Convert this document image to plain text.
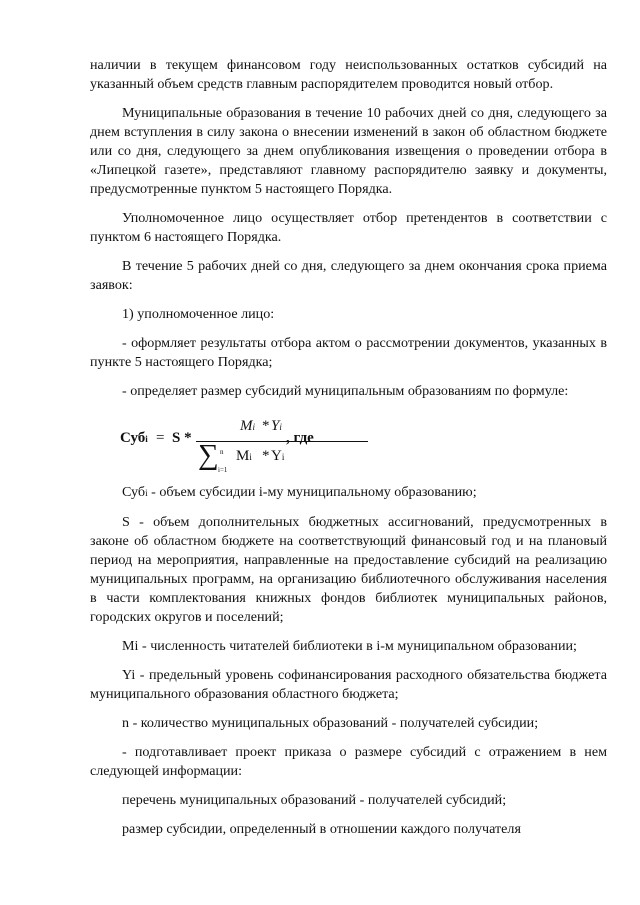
наличии в текущем финансовом году неиспользованных остатков субсидий на указанный объем средств главным распорядителем проводится новый отбор.

Муниципальные образования в течение 10 рабочих дней со дня, следующего за днем вступления в силу закона о внесении изменений в закон об областном бюджете или со дня, следующего за днем опубликования извещения о проведении отбора в «Липецкой газете», представляют главному распорядителю заявку и документы, предусмотренные пунктом 5 настоящего Порядка.

Уполномоченное лицо осуществляет отбор претендентов в соответствии с пунктом 6 настоящего Порядка.

В течение 5 рабочих дней со дня, следующего за днем окончания срока приема заявок:

1) уполномоченное лицо:

- оформляет результаты отбора актом о рассмотрении документов, указанных в пункте 5 настоящего Порядка;

- определяет размер субсидий муниципальным образованиям по формуле:

Субi = S *
Mi * Yi
∑ n
i=1
Mi * Yi
, где

Субi - объем субсидии i-му муниципальному образованию;

S - объем дополнительных бюджетных ассигнований, предусмотренных в законе об областном бюджете на соответствующий финансовый год и на плановый период на мероприятия, направленные на предоставление субсидий на реализацию муниципальных программ, на организацию библиотечного обслуживания населения в части комплектования книжных фондов библиотек муниципальных районов, городских округов и поселений;

Mi - численность читателей библиотеки в i-м муниципальном образовании;

Yi - предельный уровень софинансирования расходного обязательства бюджета муниципального образования областного бюджета;

n - количество муниципальных образований - получателей субсидии;

- подготавливает проект приказа о размере субсидий с отражением в нем следующей информации:

перечень муниципальных образований - получателей субсидий;

размер субсидии, определенный в отношении каждого получателя
